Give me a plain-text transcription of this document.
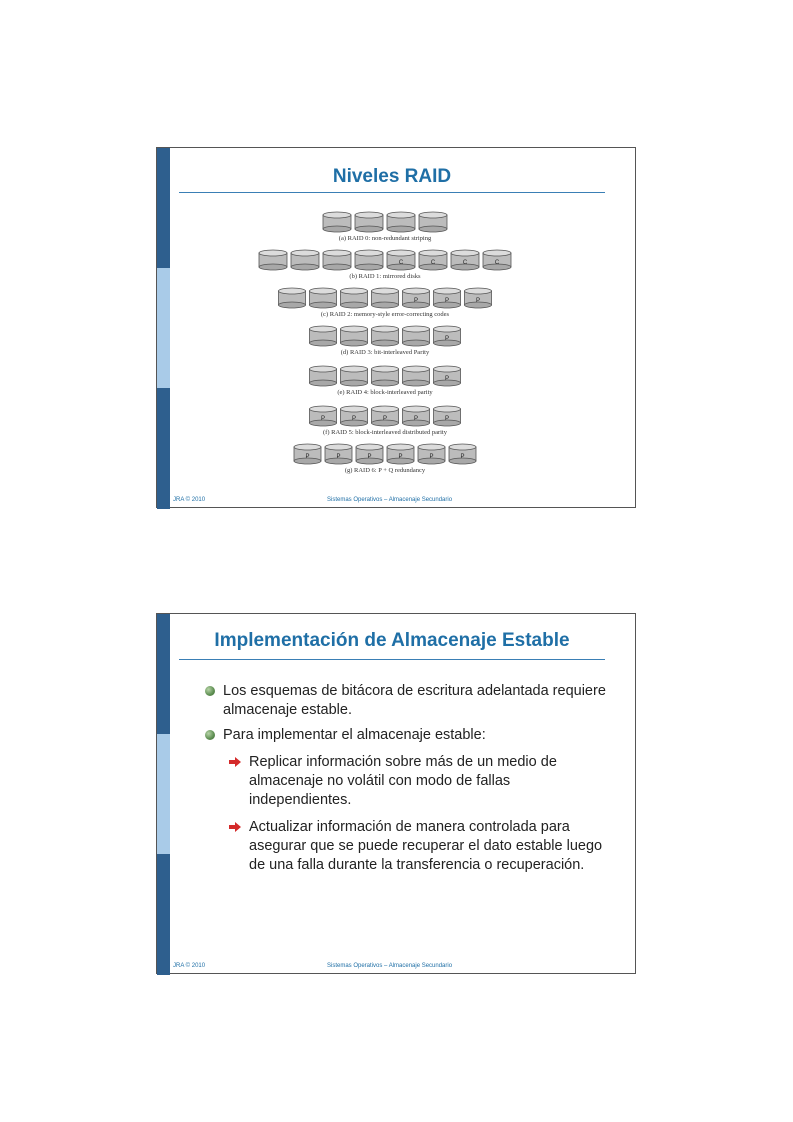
Niveles RAID
(a) RAID 0: non-redundant striping
C	C	C	C
(b) RAID 1: mirrored disks
P	P	P
(c) RAID 2: memory-style error-correcting codes
P
(d) RAID 3: bit-interleaved Parity
P
(e) RAID 4: block-interleaved parity
P	P	P	P	P
(f) RAID 5: block-interleaved distributed parity
P	P	P	P	P	P
(g) RAID 6: P + Q redundancy
JRA © 2010	Sistemas Operativos – Almacenaje Secundario
Implementación de Almacenaje Estable
Los esquemas de bitácora de escritura adelantada requiere almacenaje estable.
Para implementar el almacenaje estable:
Replicar información sobre más de un medio de almacenaje no volátil con modo de fallas independientes.
Actualizar información de manera controlada para asegurar que se puede recuperar el dato estable luego de una falla durante la transferencia o recuperación.
JRA © 2010	Sistemas Operativos – Almacenaje Secundario
